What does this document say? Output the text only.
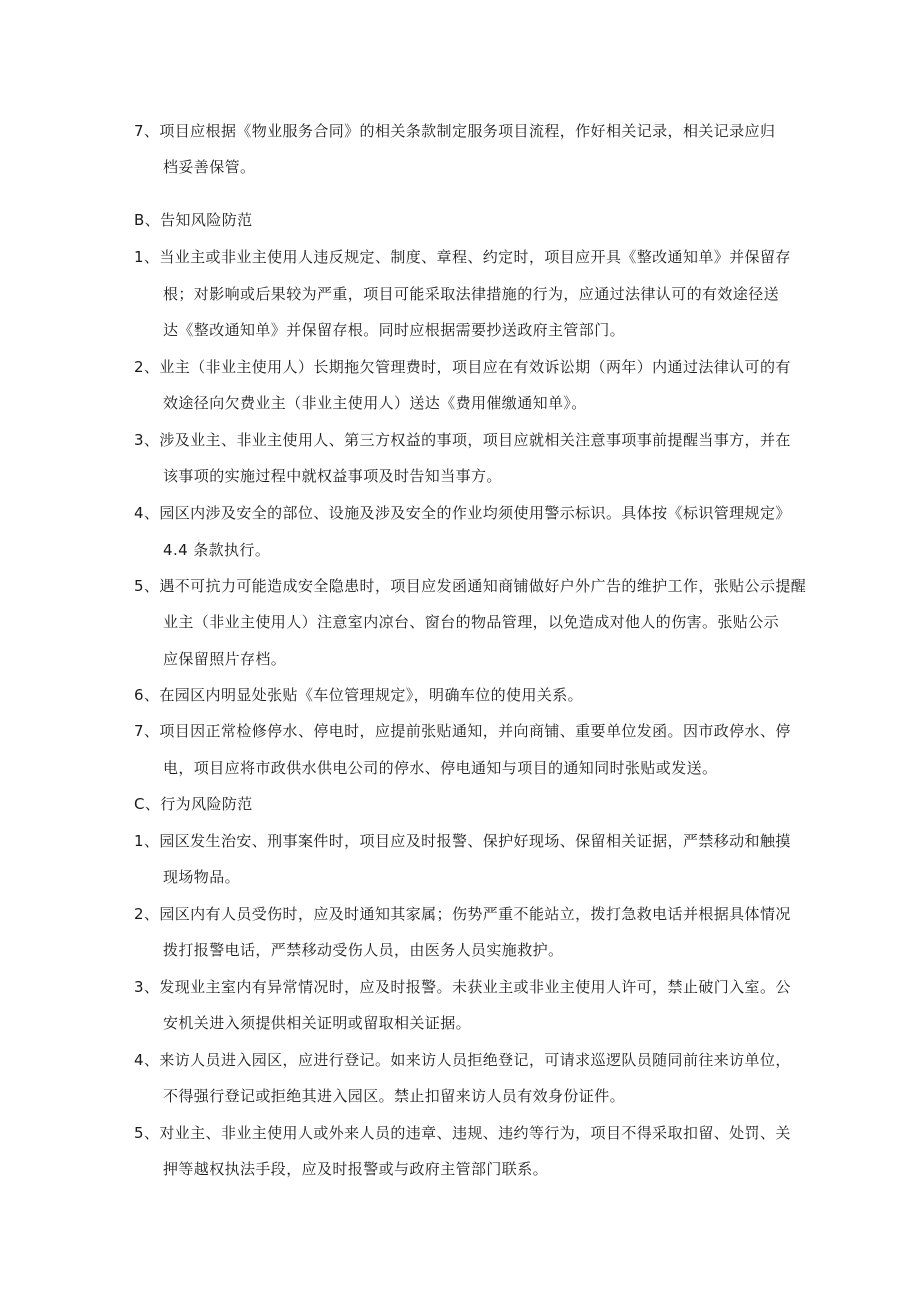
7、项目应根据《物业服务合同》的相关条款制定服务项目流程，作好相关记录，相关记录应归
档妥善保管。
B、告知风险防范
1、当业主或非业主使用人违反规定、制度、章程、约定时，项目应开具《整改通知单》并保留存
根；对影响或后果较为严重，项目可能采取法律措施的行为，应通过法律认可的有效途径送
达《整改通知单》并保留存根。同时应根据需要抄送政府主管部门。
2、业主（非业主使用人）长期拖欠管理费时，项目应在有效诉讼期（两年）内通过法律认可的有
效途径向欠费业主（非业主使用人）送达《费用催缴通知单》。
3、涉及业主、非业主使用人、第三方权益的事项，项目应就相关注意事项事前提醒当事方，并在
该事项的实施过程中就权益事项及时告知当事方。
4、园区内涉及安全的部位、设施及涉及安全的作业均须使用警示标识。具体按《标识管理规定》
4.4 条款执行。
5、遇不可抗力可能造成安全隐患时，项目应发函通知商铺做好户外广告的维护工作，张贴公示提醒
业主（非业主使用人）注意室内凉台、窗台的物品管理，以免造成对他人的伤害。张贴公示
应保留照片存档。
6、在园区内明显处张贴《车位管理规定》，明确车位的使用关系。
7、项目因正常检修停水、停电时，应提前张贴通知，并向商铺、重要单位发函。因市政停水、停
电，项目应将市政供水供电公司的停水、停电通知与项目的通知同时张贴或发送。
C、行为风险防范
1、园区发生治安、刑事案件时，项目应及时报警、保护好现场、保留相关证据，严禁移动和触摸
现场物品。
2、园区内有人员受伤时，应及时通知其家属；伤势严重不能站立，拨打急救电话并根据具体情况
拨打报警电话，严禁移动受伤人员，由医务人员实施救护。
3、发现业主室内有异常情况时，应及时报警。未获业主或非业主使用人许可，禁止破门入室。公
安机关进入须提供相关证明或留取相关证据。
4、来访人员进入园区，应进行登记。如来访人员拒绝登记，可请求巡逻队员随同前往来访单位，
不得强行登记或拒绝其进入园区。禁止扣留来访人员有效身份证件。
5、对业主、非业主使用人或外来人员的违章、违规、违约等行为，项目不得采取扣留、处罚、关
押等越权执法手段，应及时报警或与政府主管部门联系。
